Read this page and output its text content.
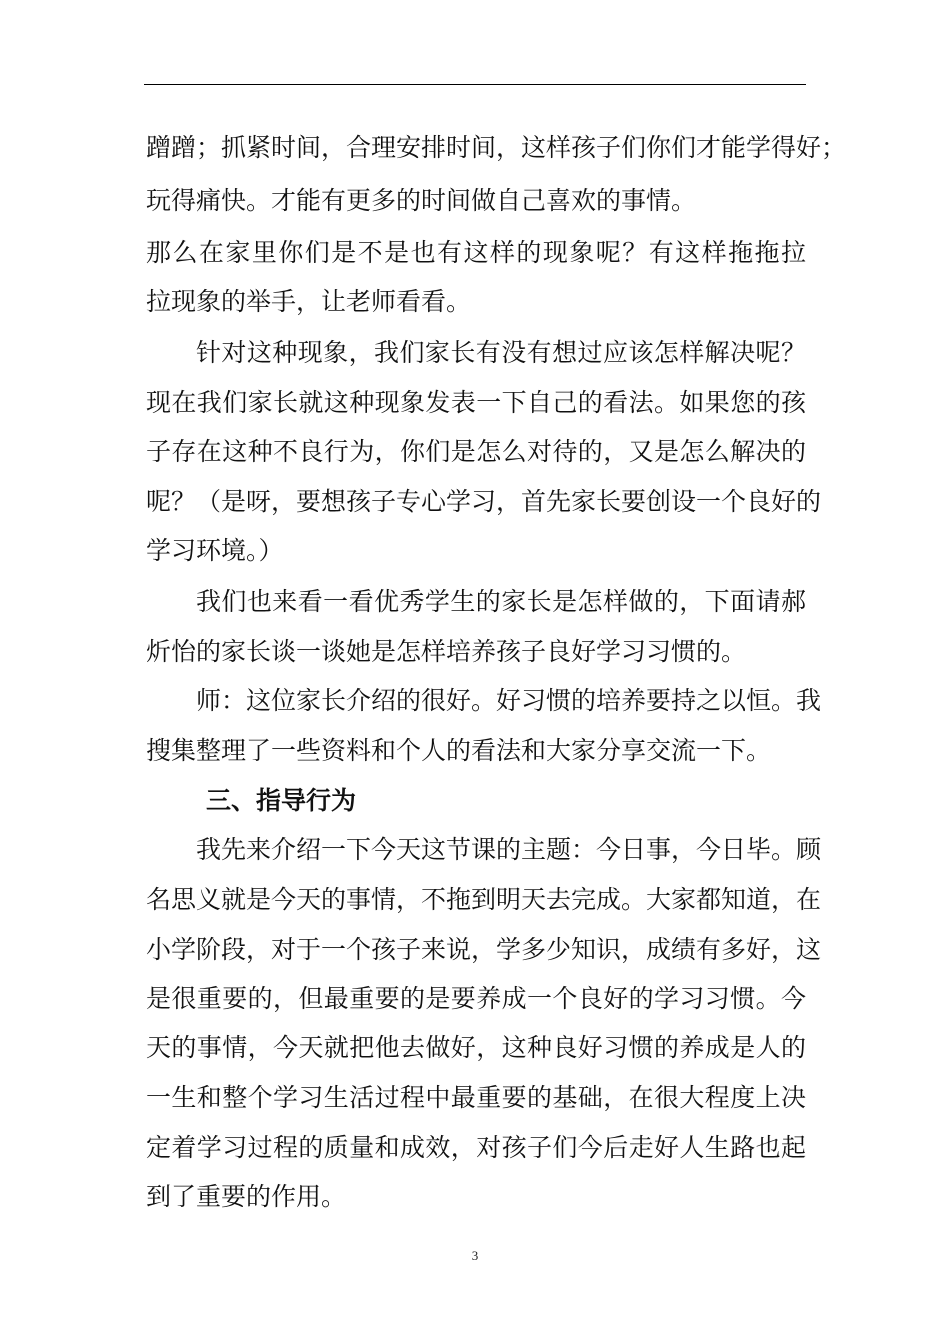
蹭蹭；抓紧时间，合理安排时间，这样孩子们你们才能学得好；
玩得痛快。才能有更多的时间做自己喜欢的事情。
那么在家里你们是不是也有这样的现象呢？有这样拖拖拉
拉现象的举手，让老师看看。
针对这种现象，我们家长有没有想过应该怎样解决呢？
现在我们家长就这种现象发表一下自己的看法。如果您的孩
子存在这种不良行为，你们是怎么对待的，又是怎么解决的
呢？（是呀，要想孩子专心学习，首先家长要创设一个良好的
学习环境。）
我们也来看一看优秀学生的家长是怎样做的，下面请郝
炘怡的家长谈一谈她是怎样培养孩子良好学习习惯的。
师：这位家长介绍的很好。好习惯的培养要持之以恒。我
搜集整理了一些资料和个人的看法和大家分享交流一下。
三、指导行为
我先来介绍一下今天这节课的主题：今日事，今日毕。顾
名思义就是今天的事情，不拖到明天去完成。大家都知道，在
小学阶段，对于一个孩子来说，学多少知识，成绩有多好，这
是很重要的，但最重要的是要养成一个良好的学习习惯。今
天的事情，今天就把他去做好，这种良好习惯的养成是人的
一生和整个学习生活过程中最重要的基础，在很大程度上决
定着学习过程的质量和成效，对孩子们今后走好人生路也起
到了重要的作用。
3
